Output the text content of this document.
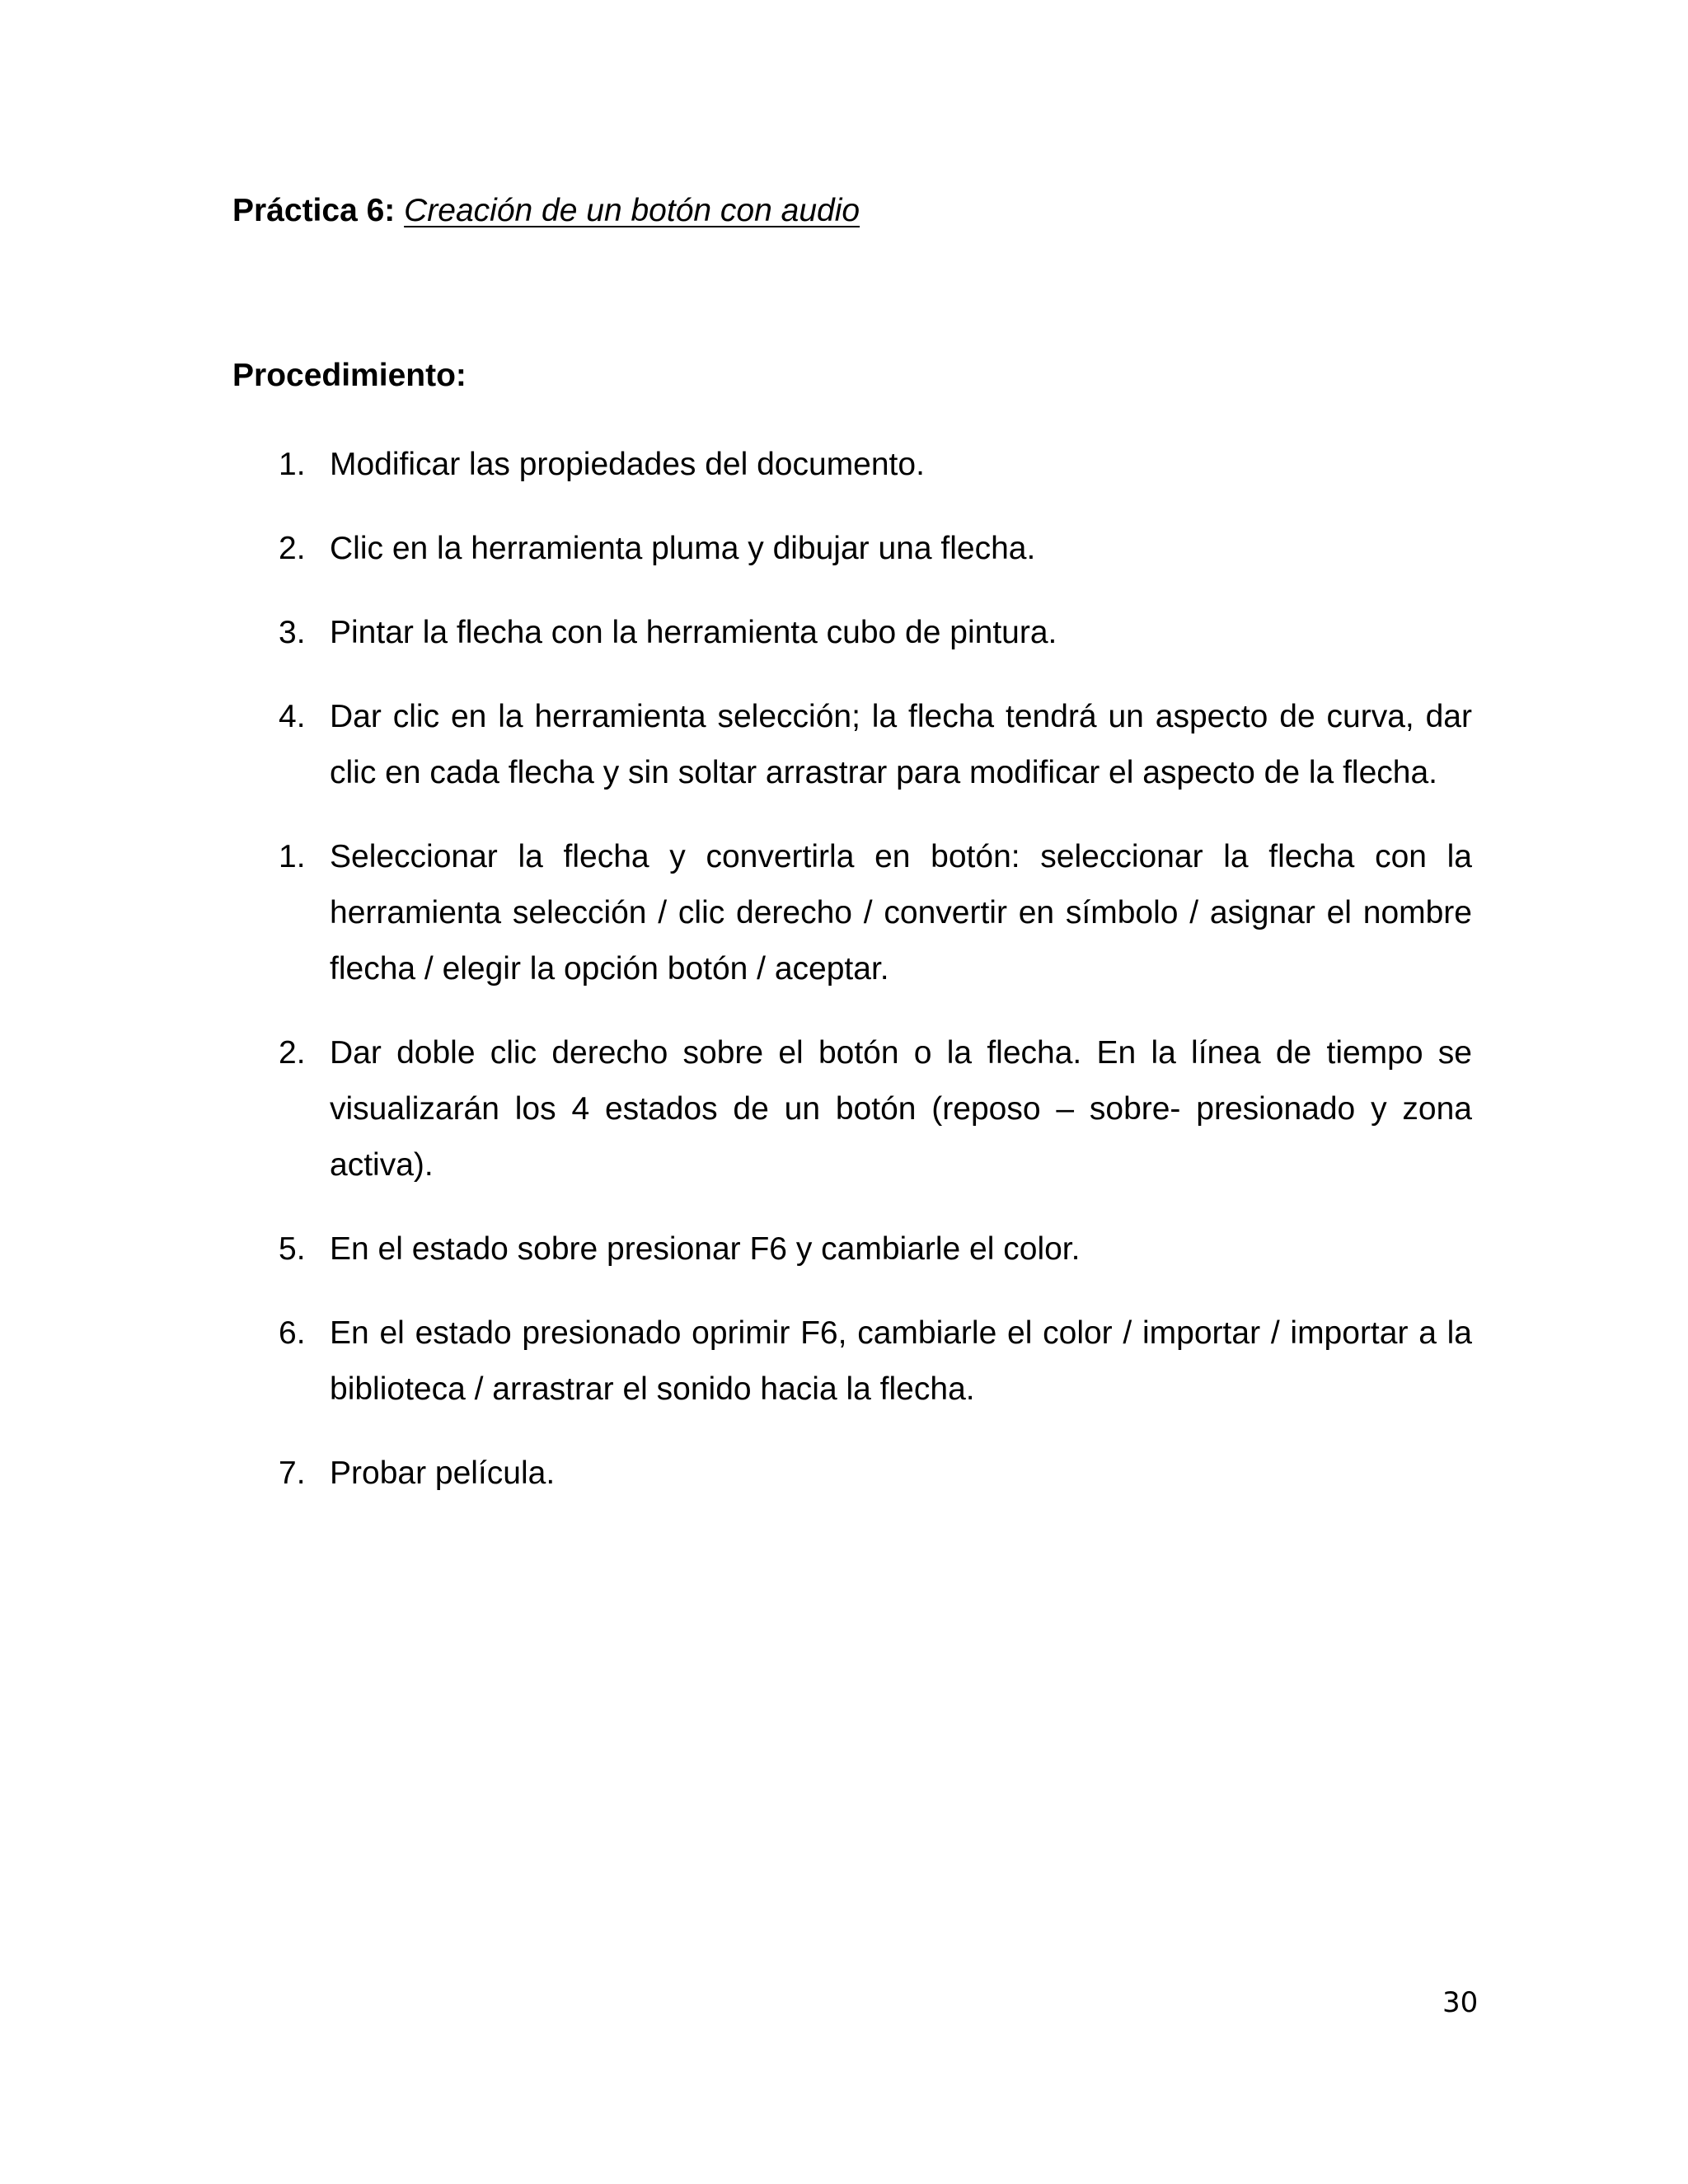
Práctica 6: Creación de un botón con audio
Procedimiento:
1. Modificar las propiedades del documento.
2. Clic en la herramienta pluma y dibujar una flecha.
3. Pintar la flecha con la herramienta cubo de pintura.
4. Dar clic en la herramienta selección; la flecha tendrá un aspecto de curva, dar clic en cada flecha y sin soltar arrastrar para modificar el aspecto de la flecha.
1. Seleccionar la flecha y convertirla en botón: seleccionar la flecha con la herramienta selección / clic derecho / convertir en símbolo / asignar el nombre flecha / elegir la opción botón / aceptar.
2. Dar doble clic derecho sobre el botón o la flecha. En la línea de tiempo se visualizarán los 4 estados de un botón (reposo – sobre- presionado y zona activa).
5. En el estado sobre presionar F6 y cambiarle el color.
6. En el estado presionado oprimir F6, cambiarle el color / importar / importar a la biblioteca / arrastrar el sonido hacia la flecha.
7. Probar película.
30
